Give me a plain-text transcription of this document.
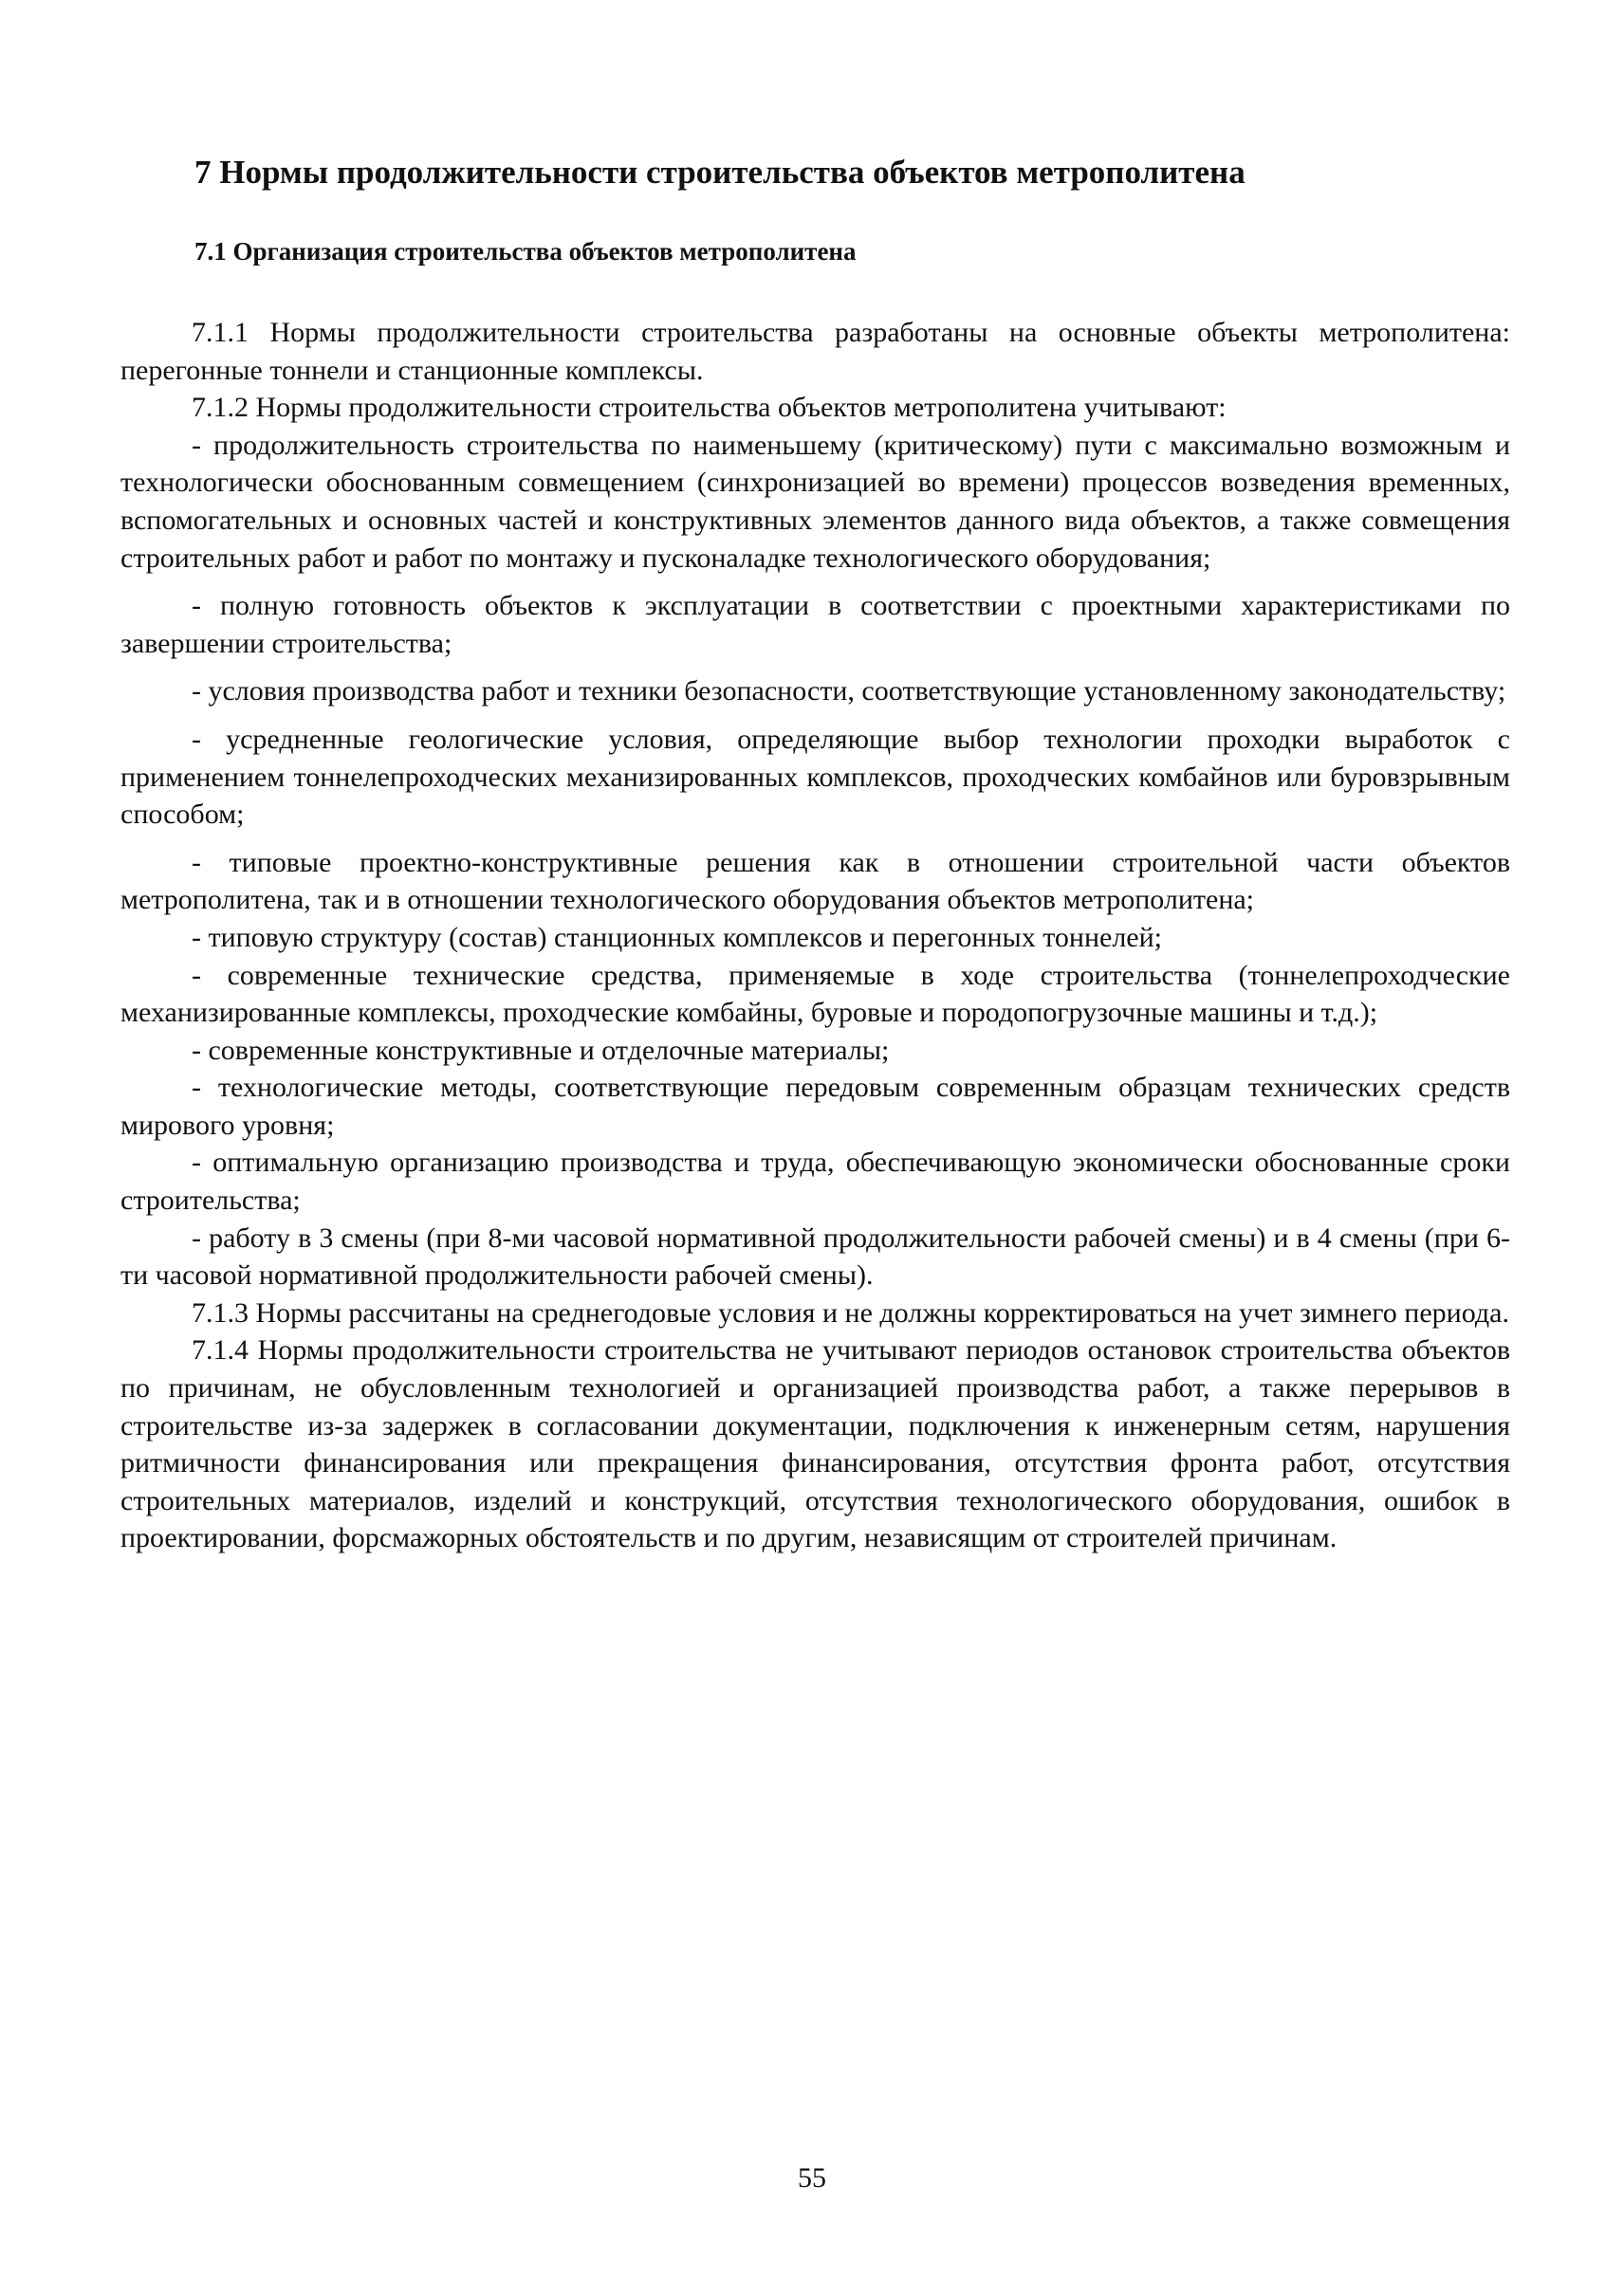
7 Нормы продолжительности строительства объектов метрополитена
7.1 Организация строительства объектов метрополитена

7.1.1 Нормы продолжительности строительства разработаны на основные объекты метрополитена: перегонные тоннели и станционные комплексы.

7.1.2 Нормы продолжительности строительства объектов метрополитена учитывают:

- продолжительность строительства по наименьшему (критическому) пути с максимально возможным и технологически обоснованным совмещением (синхронизацией во времени) процессов возведения временных, вспомогательных и основных частей и конструктивных элементов данного вида объектов, а также совмещения строительных работ и работ по монтажу и пусконаладке технологического оборудования;

- полную готовность объектов к эксплуатации в соответствии с проектными характеристиками по завершении строительства;

- условия производства работ и техники безопасности, соответствующие установленному законодательству;

- усредненные геологические условия, определяющие выбор технологии проходки выработок с применением тоннелепроходческих механизированных комплексов, проходческих комбайнов или буровзрывным способом;

- типовые проектно-конструктивные решения как в отношении строительной части объектов метрополитена, так и в отношении технологического оборудования объектов метрополитена;

- типовую структуру (состав) станционных комплексов и перегонных тоннелей;

- современные технические средства, применяемые в ходе строительства (тоннелепроходческие механизированные комплексы, проходческие комбайны, буровые и породопогрузочные машины и т.д.);

- современные конструктивные и отделочные материалы;

- технологические методы, соответствующие передовым современным образцам технических средств мирового уровня;

- оптимальную организацию производства и труда, обеспечивающую экономически обоснованные сроки строительства;

- работу в 3 смены (при 8-ми часовой нормативной продолжительности рабочей смены) и в 4 смены (при 6-ти часовой нормативной продолжительности рабочей смены).

7.1.3 Нормы рассчитаны на среднегодовые условия и не должны корректироваться на учет зимнего периода.

7.1.4 Нормы продолжительности строительства не учитывают периодов остановок строительства объектов по причинам, не обусловленным технологией и организацией производства работ, а также перерывов в строительстве из-за задержек в согласовании документации, подключения к инженерным сетям, нарушения ритмичности финансирования или прекращения финансирования, отсутствия фронта работ, отсутствия строительных материалов, изделий и конструкций, отсутствия технологического оборудования, ошибок в проектировании, форсмажорных обстоятельств и по другим, независящим от строителей причинам.

55
